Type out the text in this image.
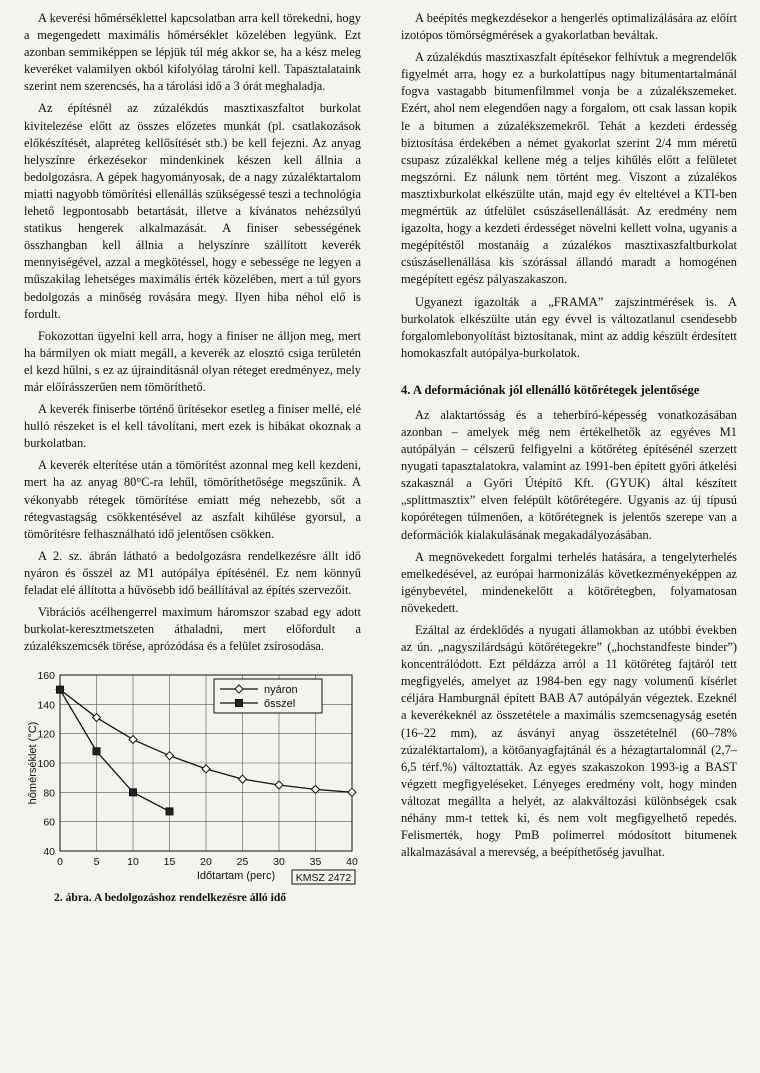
A keverési hőmérséklettel kapcsolatban arra kell törekedni, hogy a megengedett maximális hőmérséklet közelében legyünk. Ezt azonban semmiképpen se lépjük túl még akkor se, ha a kész meleg keveréket valamilyen okból kifolyólag tárolni kell. Tapasztalataink szerint nem szerencsés, ha a tárolási idő a 3 órát meghaladja.

Az építésnél az zúzalékdús masztixaszfaltot burkolat kivitelezése előtt az összes előzetes munkát (pl. csatlakozások előkészítését, alapréteg kellősítését stb.) be kell fejezni. Az anyag helyszínre érkezésekor mindenkinek készen kell állnia a bedolgozásra. A gépek hagyományosak, de a nagy zúzaléktartalom miatti nagyobb tömörítési ellenállás szükségessé teszi a technológia lehető legpontosabb betartását, illetve a kívánatos nehézsúlyú statikus hengerek alkalmazását. A finiser sebességének összhangban kell állnia a helyszínre szállított keverék mennyiségével, azzal a megkötéssel, hogy e sebessége ne legyen a műszakilag lehetséges maximális érték közelében, mert a túl gyors bedolgozás a minőség rovására megy. Ilyen hiba néhol elő is fordult.

Fokozottan ügyelni kell arra, hogy a finiser ne álljon meg, mert ha bármilyen ok miatt megáll, a keverék az elosztó csiga területén el kezd hűlni, s ez az újraindításnál olyan réteget eredményez, mely már előírásszerűen nem tömöríthető.

A keverék finiserbe történő ürítésekor esetleg a finiser mellé, elé hulló részeket is el kell távolítani, mert ezek is hibákat okoznak a burkolatban.

A keverék elterítése után a tömörítést azonnal meg kell kezdeni, mert ha az anyag 80°C-ra lehűl, tömöríthetősége megszűnik. A vékonyabb rétegek tömörítése emiatt még nehezebb, sőt a rétegvastagság csökkentésével az aszfalt kihűlése gyorsul, a tömörítésre felhasználható idő jelentősen csökken.

A 2. sz. ábrán látható a bedolgozásra rendelkezésre állt idő nyáron és ősszel az M1 autópálya építésénél. Ez nem könnyű feladat elé állította a hűvösebb idő beállítával az építés szervezőit.

Vibrációs acélhengerrel maximum háromszor szabad egy adott burkolat-keresztmetszeten áthaladni, mert előfordult a zúzalékszemcsék törése, aprózódása és a felület zsírosodása.

40
60
80
100
120
140
160
0	5	10 15 20 25 30 35 40
nyáron
ősszel
hőmérséklet (°C)
Időtartam (perc) KMSZ 2472
2. ábra. A bedolgozáshoz rendelkezésre álló idő

A beépítés megkezdésekor a hengerlés optimalizálására az előírt izotópos tömörségmérések a gyakorlatban beváltak.

A zúzalékdús masztixaszfalt építésekor felhívtuk a megrendelők figyelmét arra, hogy ez a burkolattípus nagy bitumentartalmánál fogva vastagabb bitumenfilmmel vonja be a zúzalékszemeket. Ezért, ahol nem elegendően nagy a forgalom, ott csak lassan kopik le a bitumen a zúzalékszemekről. Tehát a kezdeti érdesség biztosítása érdekében a német gyakorlat szerint 2/4 mm méretű csupasz zúzalékkal kellene még a teljes kihűlés előtt a felületet megszórni. Ez nálunk nem történt meg. Viszont a zúzalékos masztixburkolat elkészülte után, majd egy év elteltével a KTI-ben megmértük az útfelület csúszásellenállását. Az eredmény nem igazolta, hogy a kezdeti érdességet növelni kellett volna, ugyanis a megépítéstől mostanáig a zúzalékos masztixaszfaltburkolat csúszásellenállása kis szórással állandó maradt a homogénen megépített egész pályaszakaszon.

Ugyanezt igazolták a „FRAMA” zajszintmérések is. A burkolatok elkészülte után egy évvel is változatlanul csendesebb forgalomlebonyolítást biztosítanak, mint az addig készült érdesített homokaszfalt autópálya-burkolatok.

4. A deformációnak jól ellenálló kötőrétegek jelentősége

Az alaktartósság és a teherbíró-képesség vonatkozásában azonban – amelyek még nem értékelhetők az egyéves M1 autópályán – célszerű felfigyelni a kötőréteg építésénél szerzett nyugati tapasztalatokra, valamint az 1991-ben épített győri átkelési szakasznál a Győri Útépítő Kft. (GYUK) által készített „splittmasztix” elven felépült kötőrétegére. Ugyanis az új típusú kopórétegen túlmenően, a kötőrétegnek is jelentős szerepe van a deformációk kialakulásának megakadályozásában.

A megnövekedett forgalmi terhelés hatására, a tengelyterhelés emelkedésével, az európai harmonizálás következményeképpen az igénybevétel, mindenekelőtt a kötőrétegben, folyamatosan növekedett.

Ezáltal az érdeklődés a nyugati államokban az utóbbi években az ún. „nagyszilárdságú kötőrétegekre” („hochstandfeste binder”) koncentrálódott. Ezt példázza arról a 11 kötőréteg fajtáról tett megfigyelés, amelyet az 1984-ben egy nagy volumenű kísérlet céljára Hamburgnál épített BAB A7 autópályán végeztek. Ezeknél a keverékeknél az összetétele a maximális szemcsenagyság esetén (16–22 mm), az ásványi anyag összetételnél (60–78% zúzaléktartalom), a kötőanyagfajtánál és a hézagtartalomnál (2,7–6,5 térf.%) változtatták. Az egyes szakaszokon 1993-ig a BAST végzett megfigyeléseket. Lényeges eredmény volt, hogy minden változat megállta a helyét, az alakváltozási különbségek csak néhány mm-t tettek ki, és nem volt megfigyelhető repedés. Felismerték, hogy PmB polimerrel módosított bitumenek alkalmazásával a merevség, a beépíthetőség javulhat.
